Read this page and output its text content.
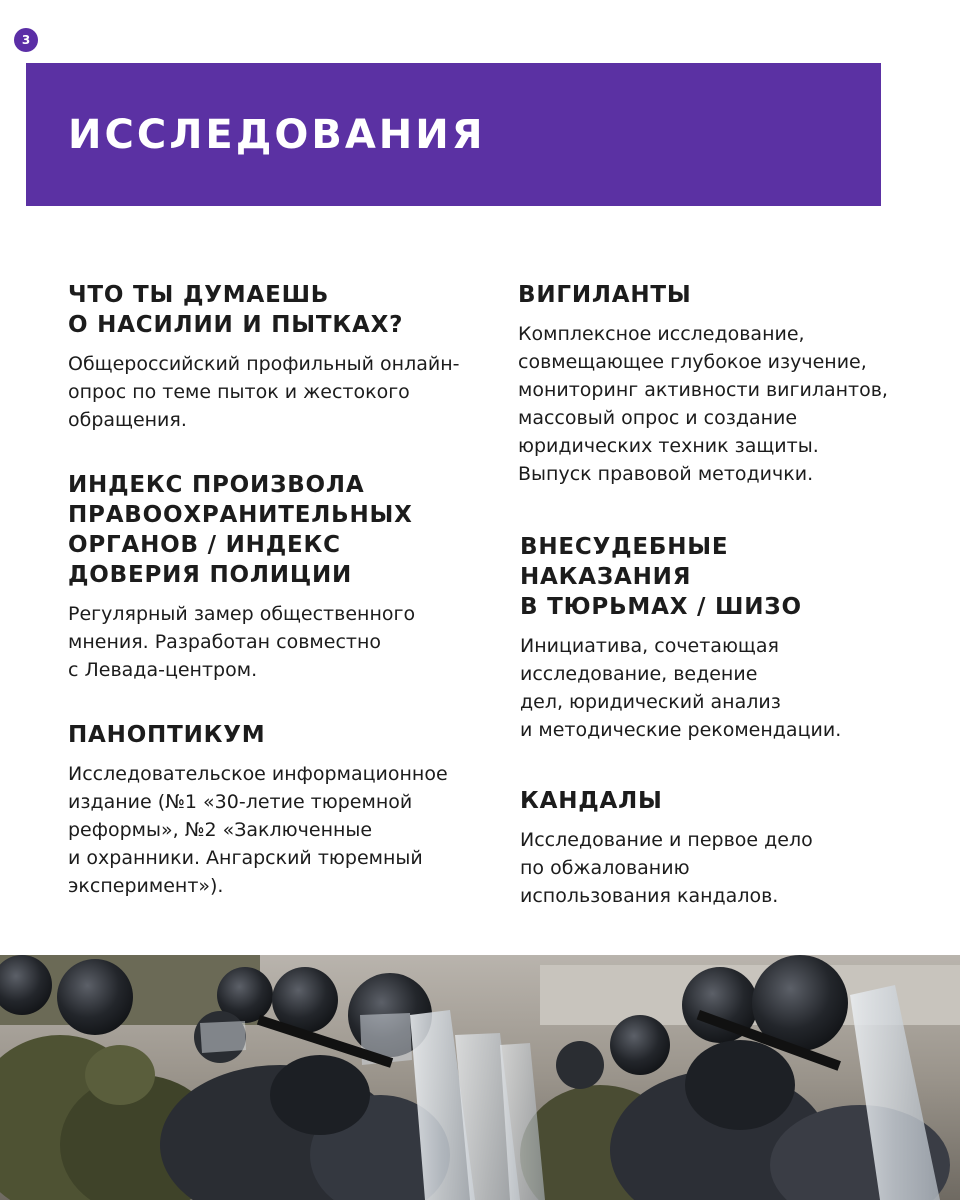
3
ИССЛЕДОВАНИЯ
ЧТО ТЫ ДУМАЕШЬ
О НАСИЛИИ И ПЫТКАХ?

Общероссийский профильный онлайн-
опрос по теме пыток и жестокого
обращения.

ИНДЕКС ПРОИЗВОЛА
ПРАВООХРАНИТЕЛЬНЫХ
ОРГАНОВ / ИНДЕКС
ДОВЕРИЯ ПОЛИЦИИ

Регулярный замер общественного
мнения. Разработан совместно
с Левада-центром.

ПАНОПТИКУМ

Исследовательское информационное
издание (№1 «30-летие тюремной
реформы», №2 «Заключенные
и охранники. Ангарский тюремный
эксперимент»).

ВИГИЛАНТЫ

Комплексное исследование,
совмещающее глубокое изучение,
мониторинг активности вигилантов,
массовый опрос и создание
юридических техник защиты.
Выпуск правовой методички.

ВНЕСУДЕБНЫЕ
НАКАЗАНИЯ
В ТЮРЬМАХ / ШИЗО

Инициатива, сочетающая
исследование, ведение
дел, юридический анализ
и методические рекомендации.

КАНДАЛЫ

Исследование и первое дело
по обжалованию
использования кандалов.
